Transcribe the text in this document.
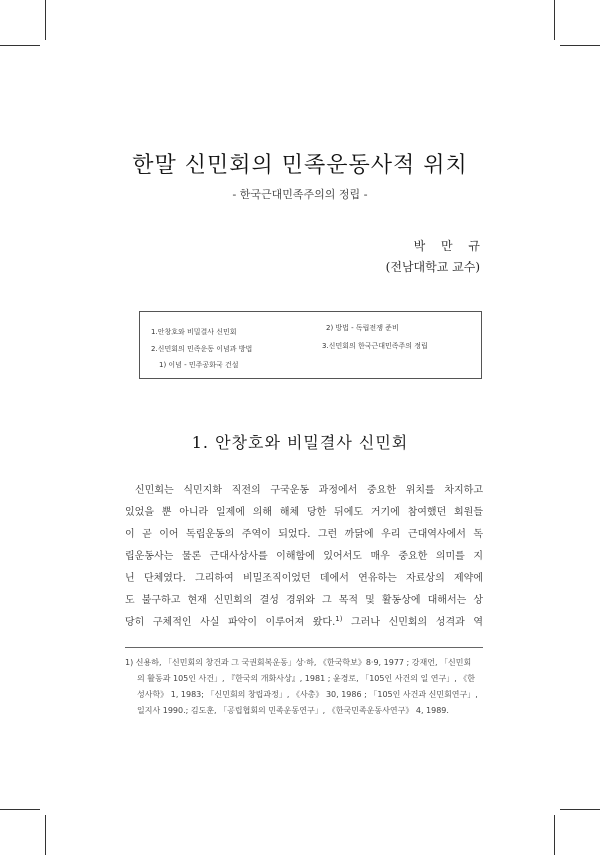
한말 신민회의 민족운동사적 위치
- 한국근대민족주의의 정립 -
박 만 규
(전남대학교 교수)
1.안창호와 비밀결사 신민회
2.신민회의 민족운동 이념과 방법
1) 이념 - 민주공화국 건설
2) 방법 - 독립전쟁 준비
3.신민회의 한국근대민족주의 정립
1. 안창호와 비밀결사 신민회
신민회는 식민지화 직전의 구국운동 과정에서 중요한 위치를 차지하고
있었을 뿐 아니라 일제에 의해 해체 당한 뒤에도 거기에 참여했던 회원들
이 곧 이어 독립운동의 주역이 되었다. 그런 까닭에 우리 근대역사에서 독
립운동사는 물론 근대사상사를 이해함에 있어서도 매우 중요한 의미를 지
닌 단체였다. 그리하여 비밀조직이었던 데에서 연유하는 자료상의 제약에
도 불구하고 현재 신민회의 결성 경위와 그 목적 및 활동상에 대해서는 상
당히 구체적인 사실 파악이 이루어져 왔다.$^{1)}$ 그러나 신민회의 성격과 역
1) 신용하, 「신민회의 창건과 그 국권회복운동」상·하, 《한국학보》8·9, 1977 ; 강재언, 「신민회
의 활동과 105인 사건」, 『한국의 개화사상』, 1981 ; 윤경로, 「105인 사건의 일 연구」, 《한
성사학》 1, 1983; 「신민회의 창립과정」, 《사총》 30, 1986 ; 「105인 사건과 신민회연구」,
일지사 1990.; 김도훈, 「공립협회의 민족운동연구」, 《한국민족운동사연구》 4, 1989.
